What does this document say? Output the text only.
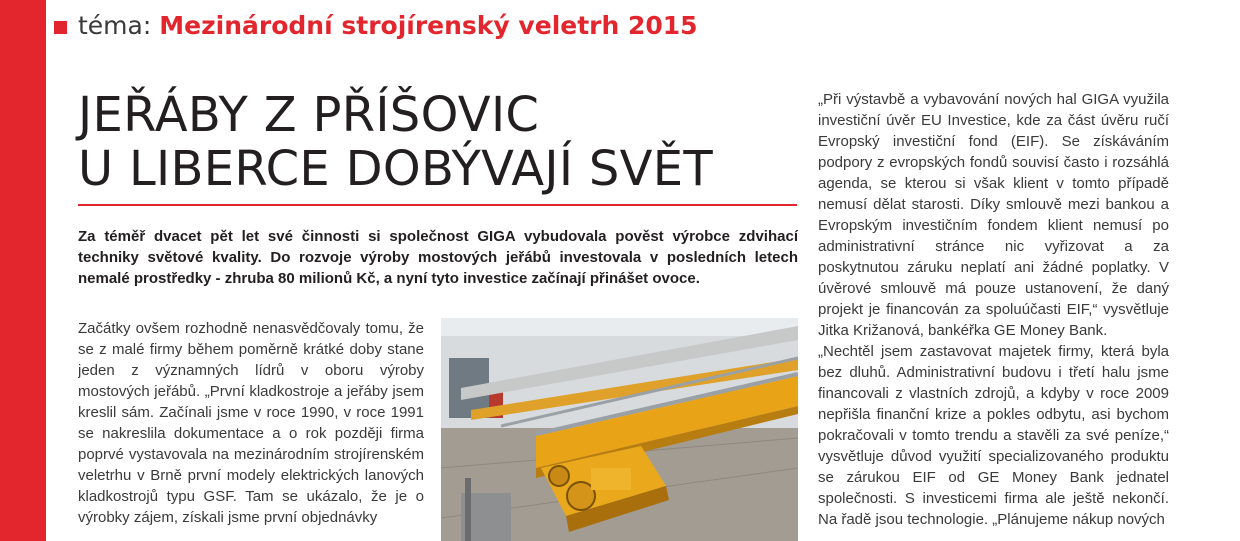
téma: Mezinárodní strojírenský veletrh 2015
JEŘÁBY Z PŘÍŠOVIC
U LIBERCE DOBÝVAJÍ SVĚT

Za téměř dvacet pět let své činnosti si společnost GIGA vybudovala pověst výrobce zdvihací techniky světové kvality. Do rozvoje výroby mostových jeřábů investovala v posledních letech nemalé prostředky - zhruba 80 milionů Kč, a nyní tyto investice začínají přinášet ovoce.

Začátky ovšem rozhodně nenasvědčovaly tomu, že se z malé firmy během poměrně krátké doby stane jeden z významných lídrů v oboru výroby mostových jeřábů. „První kladkostroje a jeřáby jsem kreslil sám. Začínali jsme v roce 1990, v roce 1991 se nakreslila dokumentace a o rok později firma poprvé vystavovala na mezinárodním strojírenském veletrhu v Brně první modely elektrických lanových kladkostrojů typu GSF. Tam se ukázalo, že je o výrobky zájem, získali jsme první objednávky

„Při výstavbě a vybavování nových hal GIGA využila investiční úvěr EU Investice, kde za část úvěru ručí Evropský investiční fond (EIF). Se získáváním podpory z evropských fondů souvisí často i rozsáhlá agenda, se kterou si však klient v tomto případě nemusí dělat starosti. Díky smlouvě mezi bankou a Evropským investičním fondem klient nemusí po administrativní stránce nic vyřizovat a za poskytnutou záruku neplatí ani žádné poplatky. V úvěrové smlouvě má pouze ustanovení, že daný projekt je financován za spoluúčasti EIF,“ vysvětluje Jitka Križanová, bankéřka GE Money Bank.

„Nechtěl jsem zastavovat majetek firmy, která byla bez dluhů. Administrativní budovu i třetí halu jsme financovali z vlastních zdrojů, a kdyby v roce 2009 nepřišla finanční krize a pokles odbytu, asi bychom pokračovali v tomto trendu a stavěli za své peníze,“ vysvětluje důvod využití specializovaného produktu se zárukou EIF od GE Money Bank jednatel společnosti. S investicemi firma ale ještě nekončí. Na řadě jsou technologie. „Plánujeme nákup nových
